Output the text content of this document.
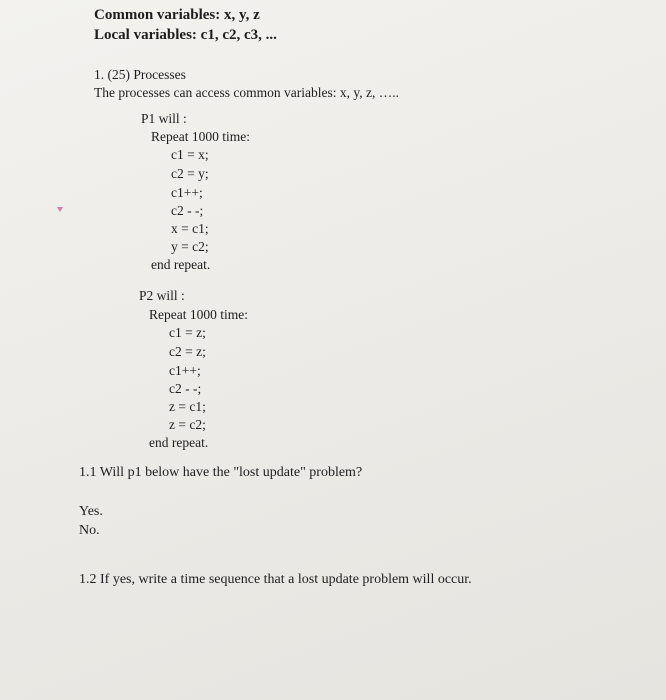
Common variables: x, y, z
Local variables: c1, c2, c3, ...
1. (25) Processes
The processes can access common variables: x, y, z, …..
P1 will :
Repeat 1000 time:
c1 = x;
c2 = y;
c1++;
c2 - -;
x = c1;
y = c2;
end repeat.
P2 will :
Repeat 1000 time:
c1 = z;
c2 = z;
c1++;
c2 - -;
z = c1;
z = c2;
end repeat.
1.1 Will p1 below have the "lost update" problem?
Yes.
No.
1.2 If yes, write a time sequence that a lost update problem will occur.
